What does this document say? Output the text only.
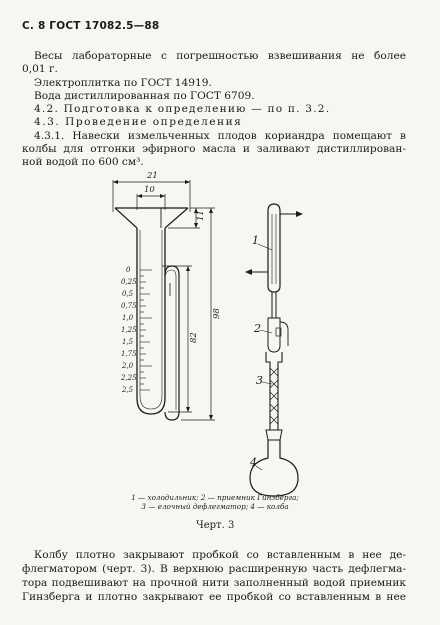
С. 8 ГОСТ 17082.5—88
Весы лабораторные с погрешностью взвешивания не более
0,01 г.
Электроплитка по ГОСТ 14919.
Вода дистиллированная по ГОСТ 6709.
4.2. Подготовка к определению — по п. 3.2.
4.3. Проведение определения
4.3.1. Навески измельченных плодов кориандра помещают в
колбы для отгонки эфирного масла и заливают дистиллирован-
ной водой по 600 см³.
21
10
11
82
98
0
0,25
0,5
0,75
1,0
1,25
1,5
1,75
2,0
2,25
2,5
1
2
3
4
1 — холодильник; 2 — приемник Гинзберга; 3 — елочный дефлегматор; 4 — колба
Черт. 3
Колбу плотно закрывают пробкой со вставленным в нее де-
флегматором (черт. 3). В верхнюю расширенную часть дефлегма-
тора подвешивают на прочной нити заполненный водой приемник
Гинзберга и плотно закрывают ее пробкой со вставленным в нее
